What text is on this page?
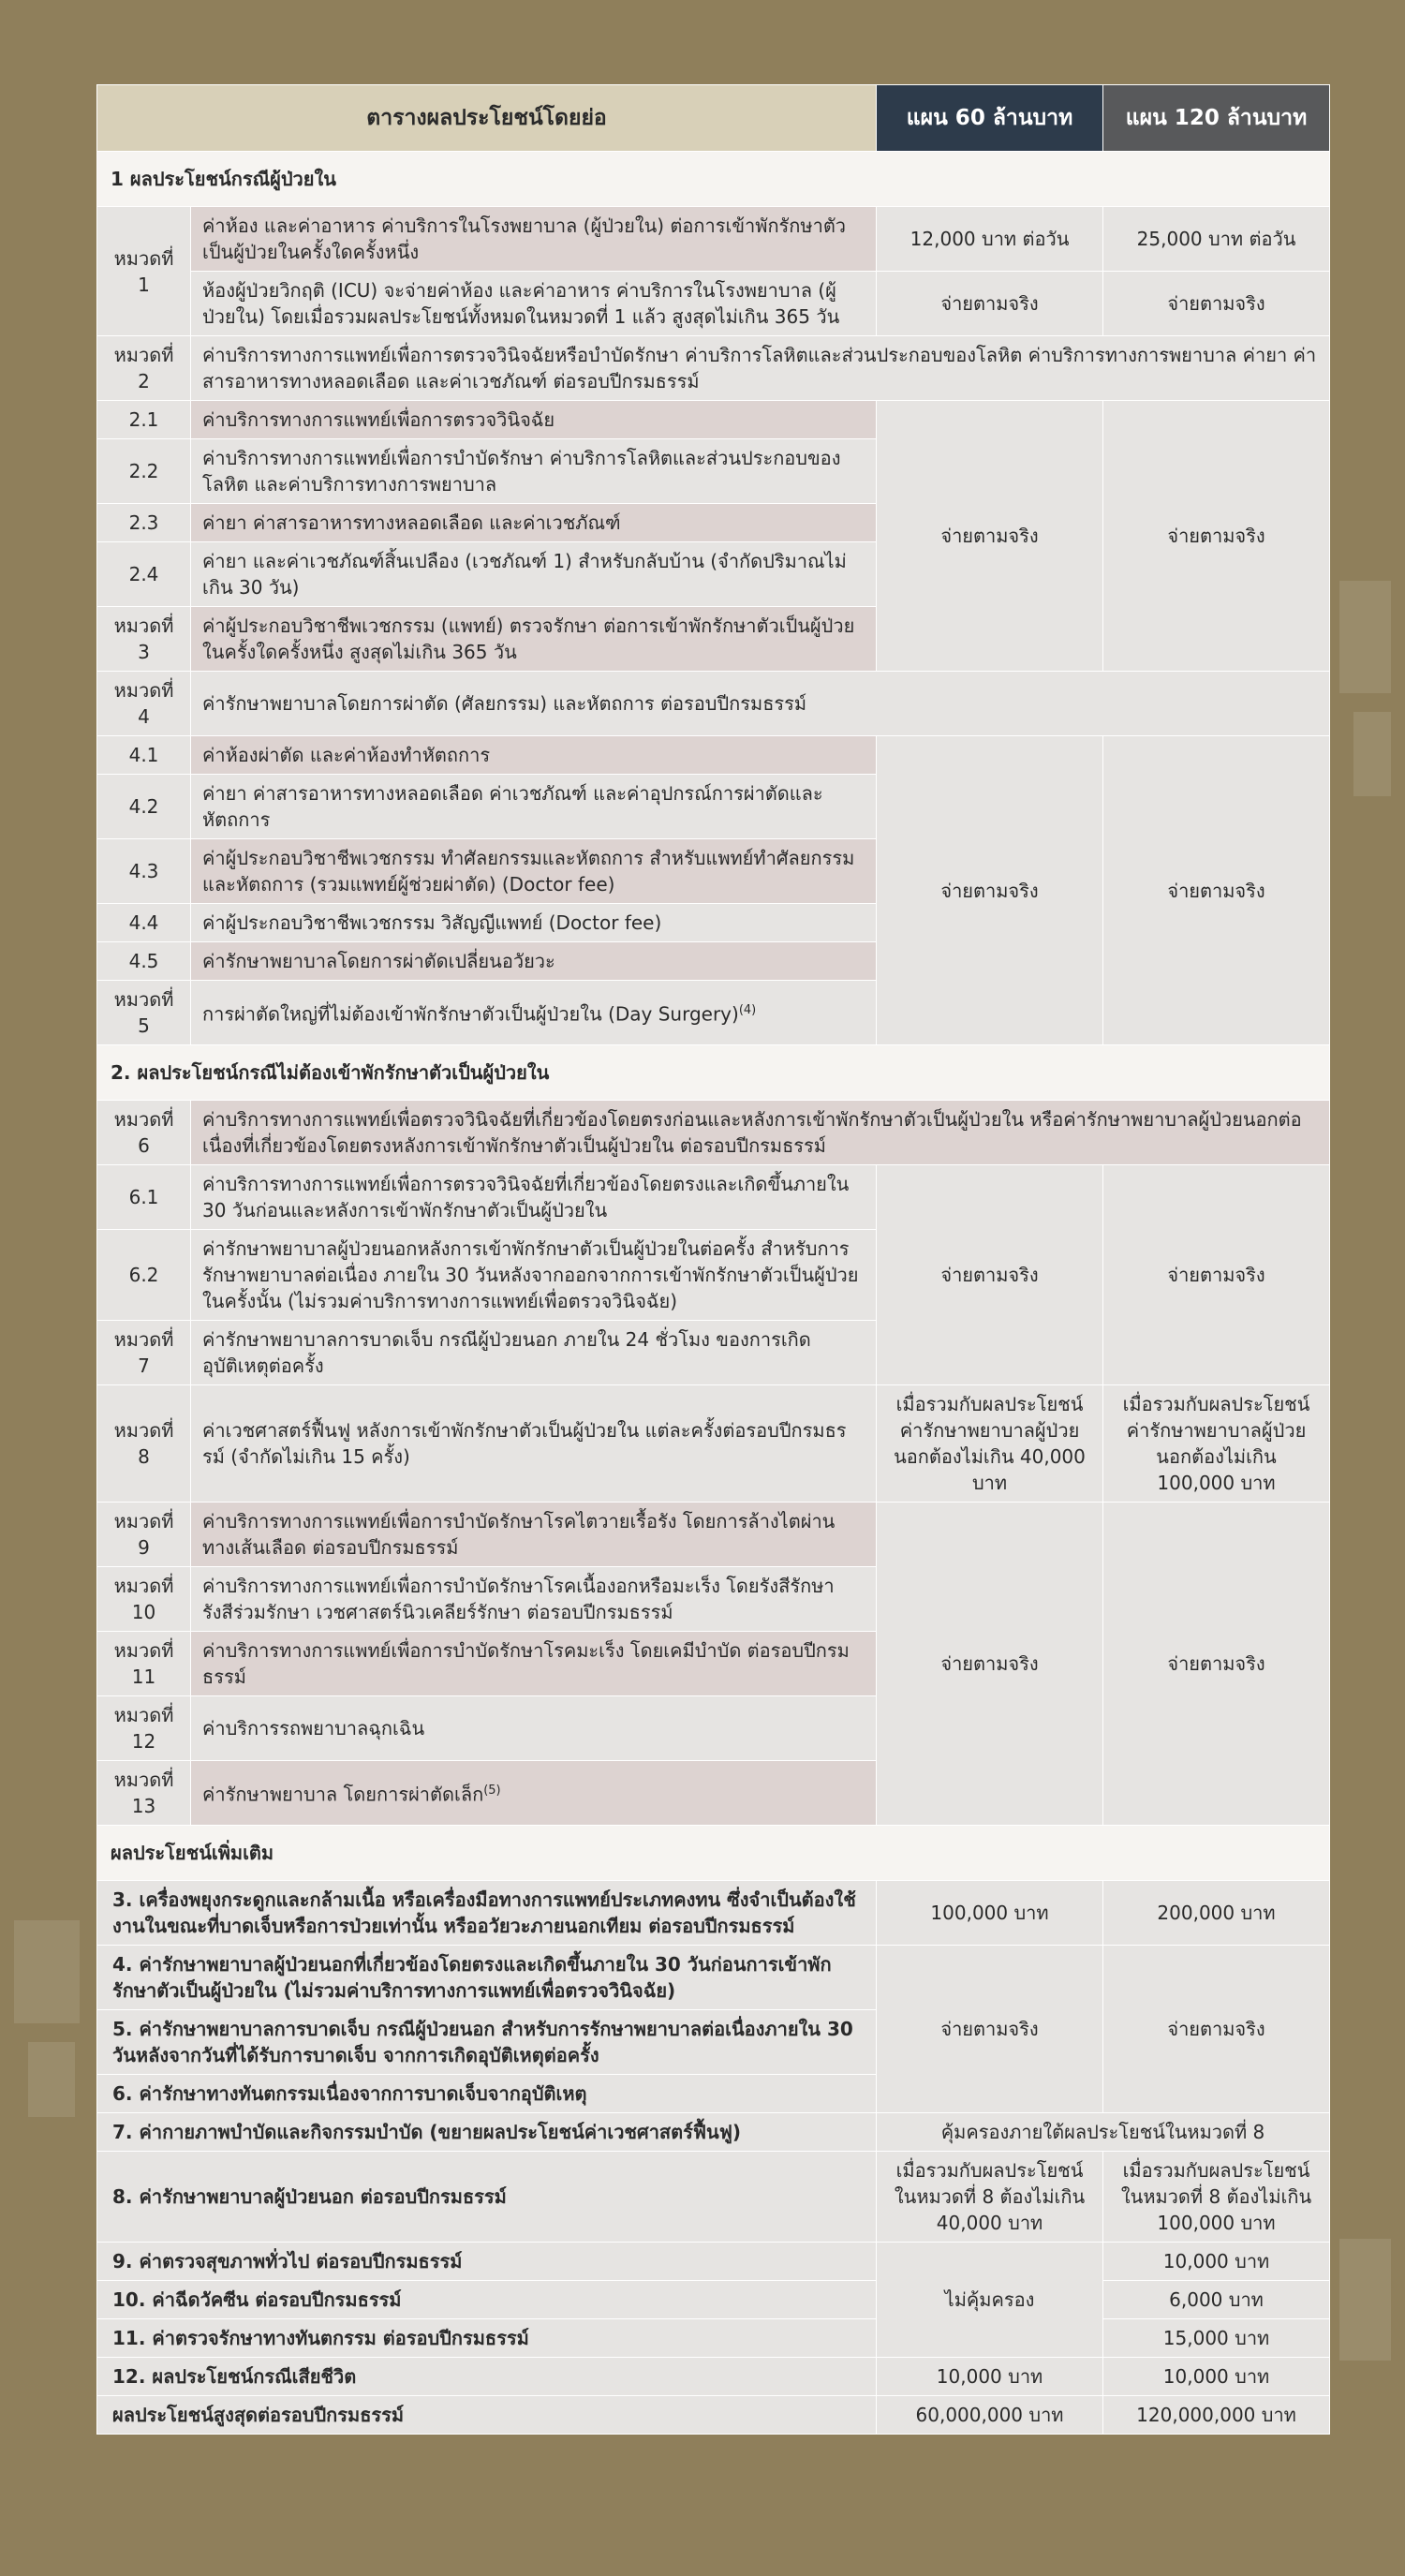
ตารางผลประโยชน์โดยย่อ		แผน 60 ล้านบาท	แผน 120 ล้านบาท
1 ผลประโยชน์กรณีผู้ป่วยใน			
หมวดที่ 1	ค่าห้อง และค่าอาหาร ค่าบริการในโรงพยาบาล (ผู้ป่วยใน) ต่อการเข้าพักรักษาตัวเป็นผู้ป่วยในครั้งใดครั้งหนึ่ง	12,000 บาท ต่อวัน	25,000 บาท ต่อวัน
	ห้องผู้ป่วยวิกฤติ (ICU) จะจ่ายค่าห้อง และค่าอาหาร ค่าบริการในโรงพยาบาล (ผู้ป่วยใน) โดยเมื่อรวมผลประโยชน์ทั้งหมดในหมวดที่ 1 แล้ว สูงสุดไม่เกิน 365 วัน	จ่ายตามจริง	จ่ายตามจริง
หมวดที่ 2	ค่าบริการทางการแพทย์เพื่อการตรวจวินิจฉัยหรือบำบัดรักษา ค่าบริการโลหิตและส่วนประกอบของโลหิต ค่าบริการทางการพยาบาล ค่ายา ค่าสารอาหารทางหลอดเลือด และค่าเวชภัณฑ์ ต่อรอบปีกรมธรรม์		
2.1	ค่าบริการทางการแพทย์เพื่อการตรวจวินิจฉัย	จ่ายตามจริง	จ่ายตามจริง
2.2	ค่าบริการทางการแพทย์เพื่อการบำบัดรักษา ค่าบริการโลหิตและส่วนประกอบของโลหิต และค่าบริการทางการพยาบาล		
2.3	ค่ายา ค่าสารอาหารทางหลอดเลือด และค่าเวชภัณฑ์		
2.4	ค่ายา และค่าเวชภัณฑ์สิ้นเปลือง (เวชภัณฑ์ 1) สำหรับกลับบ้าน (จำกัดปริมาณไม่เกิน 30 วัน)		
หมวดที่ 3	ค่าผู้ประกอบวิชาชีพเวชกรรม (แพทย์) ตรวจรักษา ต่อการเข้าพักรักษาตัวเป็นผู้ป่วยในครั้งใดครั้งหนึ่ง สูงสุดไม่เกิน 365 วัน		
หมวดที่ 4	ค่ารักษาพยาบาลโดยการผ่าตัด (ศัลยกรรม) และหัตถการ ต่อรอบปีกรมธรรม์		
4.1	ค่าห้องผ่าตัด และค่าห้องทำหัตถการ	จ่ายตามจริง	จ่ายตามจริง
4.2	ค่ายา ค่าสารอาหารทางหลอดเลือด ค่าเวชภัณฑ์ และค่าอุปกรณ์การผ่าตัดและหัตถการ		
4.3	ค่าผู้ประกอบวิชาชีพเวชกรรม ทำศัลยกรรมและหัตถการ สำหรับแพทย์ทำศัลยกรรมและหัตถการ (รวมแพทย์ผู้ช่วยผ่าตัด) (Doctor fee)		
4.4	ค่าผู้ประกอบวิชาชีพเวชกรรม วิสัญญีแพทย์ (Doctor fee)		
4.5	ค่ารักษาพยาบาลโดยการผ่าตัดเปลี่ยนอวัยวะ		
หมวดที่ 5	การผ่าตัดใหญ่ที่ไม่ต้องเข้าพักรักษาตัวเป็นผู้ป่วยใน (Day Surgery)$^{(4)}$
2. ผลประโยชน์กรณีไม่ต้องเข้าพักรักษาตัวเป็นผู้ป่วยใน			
หมวดที่ 6	ค่าบริการทางการแพทย์เพื่อตรวจวินิจฉัยที่เกี่ยวข้องโดยตรงก่อนและหลังการเข้าพักรักษาตัวเป็นผู้ป่วยใน หรือค่ารักษาพยาบาลผู้ป่วยนอกต่อเนื่องที่เกี่ยวข้องโดยตรงหลังการเข้าพักรักษาตัวเป็นผู้ป่วยใน ต่อรอบปีกรมธรรม์		
6.1	ค่าบริการทางการแพทย์เพื่อการตรวจวินิจฉัยที่เกี่ยวข้องโดยตรงและเกิดขึ้นภายใน 30 วันก่อนและหลังการเข้าพักรักษาตัวเป็นผู้ป่วยใน	จ่ายตามจริง	จ่ายตามจริง
6.2	ค่ารักษาพยาบาลผู้ป่วยนอกหลังการเข้าพักรักษาตัวเป็นผู้ป่วยในต่อครั้ง สำหรับการรักษาพยาบาลต่อเนื่อง ภายใน 30 วันหลังจากออกจากการเข้าพักรักษาตัวเป็นผู้ป่วยในครั้งนั้น (ไม่รวมค่าบริการทางการแพทย์เพื่อตรวจวินิจฉัย)		
หมวดที่ 7	ค่ารักษาพยาบาลการบาดเจ็บ กรณีผู้ป่วยนอก ภายใน 24 ชั่วโมง ของการเกิดอุบัติเหตุต่อครั้ง		
หมวดที่ 8	ค่าเวชศาสตร์ฟื้นฟู หลังการเข้าพักรักษาตัวเป็นผู้ป่วยใน แต่ละครั้งต่อรอบปีกรมธรรม์ (จำกัดไม่เกิน 15 ครั้ง)	เมื่อรวมกับผลประโยชน์ค่ารักษาพยาบาลผู้ป่วยนอกต้องไม่เกิน 40,000 บาท	เมื่อรวมกับผลประโยชน์ค่ารักษาพยาบาลผู้ป่วยนอกต้องไม่เกิน 100,000 บาท
หมวดที่ 9	ค่าบริการทางการแพทย์เพื่อการบำบัดรักษาโรคไตวายเรื้อรัง โดยการล้างไตผ่านทางเส้นเลือด ต่อรอบปีกรมธรรม์	จ่ายตามจริง	จ่ายตามจริง
หมวดที่ 10	ค่าบริการทางการแพทย์เพื่อการบำบัดรักษาโรคเนื้องอกหรือมะเร็ง โดยรังสีรักษา รังสีร่วมรักษา เวชศาสตร์นิวเคลียร์รักษา ต่อรอบปีกรมธรรม์		
หมวดที่ 11	ค่าบริการทางการแพทย์เพื่อการบำบัดรักษาโรคมะเร็ง โดยเคมีบำบัด ต่อรอบปีกรมธรรม์		
หมวดที่ 12	ค่าบริการรถพยาบาลฉุกเฉิน		
หมวดที่ 13	ค่ารักษาพยาบาล โดยการผ่าตัดเล็ก$^{(5)}$
ผลประโยชน์เพิ่มเติม			
3. เครื่องพยุงกระดูกและกล้ามเนื้อ หรือเครื่องมือทางการแพทย์ประเภทคงทน ซึ่งจำเป็นต้องใช้งานในขณะที่บาดเจ็บหรือการป่วยเท่านั้น หรืออวัยวะภายนอกเทียม ต่อรอบปีกรมธรรม์		100,000 บาท	200,000 บาท
4. ค่ารักษาพยาบาลผู้ป่วยนอกที่เกี่ยวข้องโดยตรงและเกิดขึ้นภายใน 30 วันก่อนการเข้าพักรักษาตัวเป็นผู้ป่วยใน (ไม่รวมค่าบริการทางการแพทย์เพื่อตรวจวินิจฉัย)		จ่ายตามจริง	จ่ายตามจริง
5. ค่ารักษาพยาบาลการบาดเจ็บ กรณีผู้ป่วยนอก สำหรับการรักษาพยาบาลต่อเนื่องภายใน 30 วันหลังจากวันที่ได้รับการบาดเจ็บ จากการเกิดอุบัติเหตุต่อครั้ง			
6. ค่ารักษาทางทันตกรรมเนื่องจากการบาดเจ็บจากอุบัติเหตุ			
7. ค่ากายภาพบำบัดและกิจกรรมบำบัด (ขยายผลประโยชน์ค่าเวชศาสตร์ฟื้นฟู)		คุ้มครองภายใต้ผลประโยชน์ในหมวดที่ 8	
8. ค่ารักษาพยาบาลผู้ป่วยนอก ต่อรอบปีกรมธรรม์		เมื่อรวมกับผลประโยชน์ในหมวดที่ 8 ต้องไม่เกิน 40,000 บาท	เมื่อรวมกับผลประโยชน์ในหมวดที่ 8 ต้องไม่เกิน 100,000 บาท
9. ค่าตรวจสุขภาพทั่วไป ต่อรอบปีกรมธรรม์		ไม่คุ้มครอง	10,000 บาท
10. ค่าฉีดวัคซีน ต่อรอบปีกรมธรรม์			6,000 บาท
11. ค่าตรวจรักษาทางทันตกรรม ต่อรอบปีกรมธรรม์			15,000 บาท
12. ผลประโยชน์กรณีเสียชีวิต		10,000 บาท	10,000 บาท
ผลประโยชน์สูงสุดต่อรอบปีกรมธรรม์		60,000,000 บาท	120,000,000 บาท
